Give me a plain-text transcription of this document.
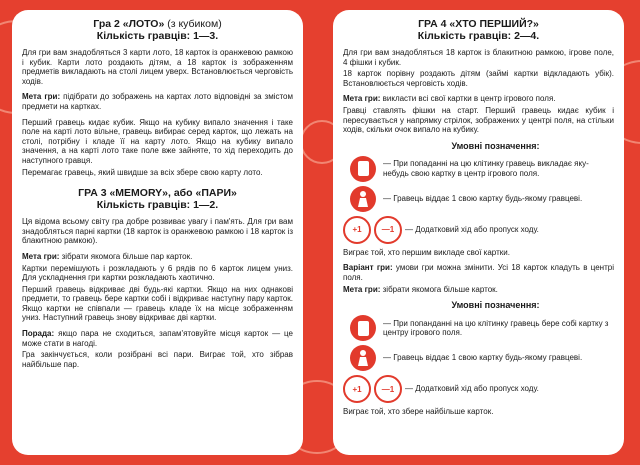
Гра 2 «ЛОТО» (з кубиком)
Кількість гравців: 1—3.

Для гри вам знадобляться 3 карти лото, 18 карток із оранжевою рамкою і кубик. Карти лото роздають дітям, а 18 карток із зображенням предметів викладають на столі лицем уверх. Встановлюється черговість ходів.

Мета гри: підібрати до зображень на картах лото відповідні за змістом предмети на картках.

Перший гравець кидає кубик. Якщо на кубику випало значення і таке поле на карті лото вільне, гравець вибирає серед карток, що лежать на столі, потрібну і кладе її на карту лото. Якщо на кубику випало значення, а на карті лото таке поле вже зайняте, то хід переходить до наступного гравця.

Перемагає гравець, який швидше за всіх збере свою карту лото.

ГРА 3 «MEMORY», або «ПАРИ»
Кількість гравців: 1—2.

Ця відома всьому світу гра добре розвиває увагу і пам'ять. Для гри вам знадобляться парні картки (18 карток із оранжевою рамкою і 18 карток із блакитною рамкою).

Мета гри: зібрати якомога більше пар карток.

Картки перемішують і розкладають у 6 рядів по 6 карток лицем униз. Для ускладнення гри картки розкладають хаотично.

Перший гравець відкриває дві будь-які картки. Якщо на них однакові предмети, то гравець бере картки собі і відкриває наступну пару карток. Якщо картки не співпали — гравець кладе їх на місце зображенням униз. Наступний гравець знову відкриває дві картки.

Порада: якщо пара не сходиться, запам'ятовуйте місця карток — це може стати в нагоді.

Гра закінчується, коли розібрані всі пари. Виграє той, хто зібрав найбільше пар.

ГРА 4 «ХТО ПЕРШИЙ?»
Кількість гравців: 2—4.

Для гри вам знадобляться 18 карток із блакитною рамкою, ігрове поле, 4 фішки і кубик.

18 карток порівну роздають дітям (займі картки відкладають убік). Встановлюється черговість ходів.

Мета гри: викласти всі свої картки в центр ігрового поля.

Гравці ставлять фішки на старт. Перший гравець кидає кубик і пересувається у напрямку стрілок, зображених у центрі поля, на стільки ходів, скільки очок випало на кубику.

Умовні позначення:
— При попаданні на цю клітинку гравець викладає яку-небудь свою картку в центр ігрового поля.
— Гравець віддає 1 свою картку будь-якому гравцеві.
+1	—1 — Додатковий хід або пропуск ходу.

Виграє той, хто першим викладе свої картки.

Варіант гри: умови гри можна змінити. Усі 18 карток кладуть в центрі поля.

Мета гри: зібрати якомога більше карток.

Умовні позначення:
— При попанданні на цю клітинку гравець бере собі картку з центру ігрового поля.
— Гравець віддає 1 свою картку будь-якому гравцеві.
+1	—1 — Додатковий хід або пропуск ходу.

Виграє той, хто збере найбільше карток.
